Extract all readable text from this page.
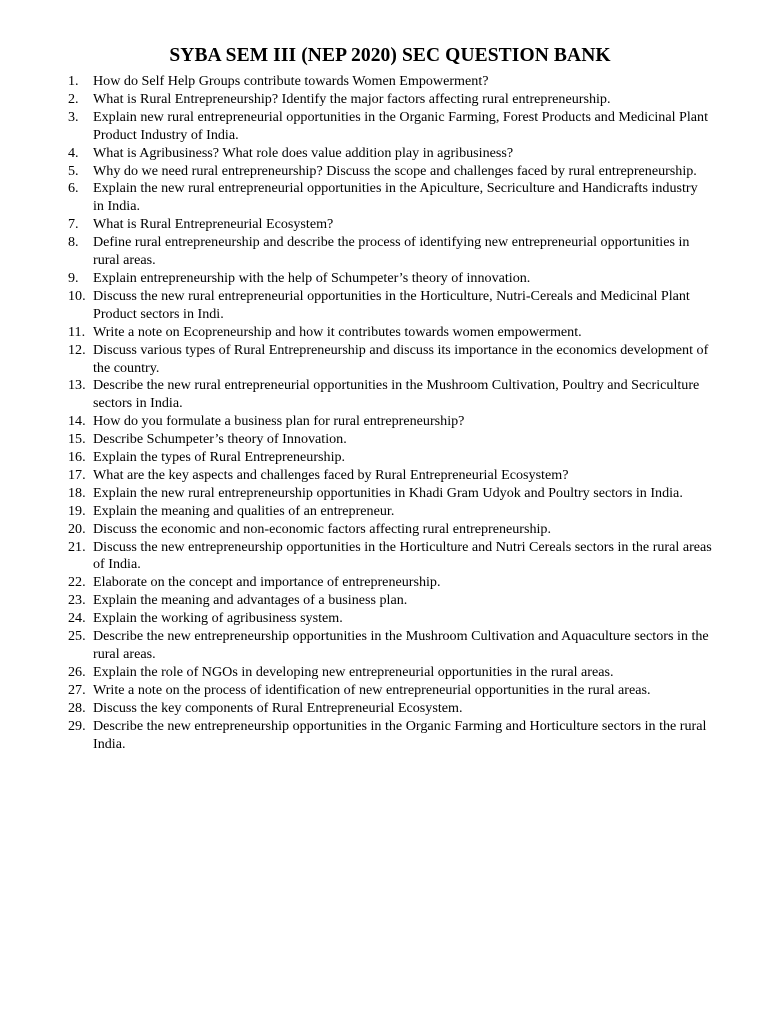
SYBA SEM III (NEP 2020) SEC QUESTION BANK
1.	How do Self Help Groups contribute towards Women Empowerment?
2.	What is Rural Entrepreneurship? Identify the major factors affecting rural entrepreneurship.
3.	Explain new rural entrepreneurial opportunities in the Organic Farming, Forest Products and Medicinal Plant Product Industry of India.
4.	What is Agribusiness? What role does value addition play in agribusiness?
5.	Why do we need rural entrepreneurship? Discuss the scope and challenges faced by rural entrepreneurship.
6.	Explain the new rural entrepreneurial opportunities in the Apiculture, Secriculture and Handicrafts industry in India.
7.	What is Rural Entrepreneurial Ecosystem?
8.	Define rural entrepreneurship and describe the process of identifying new entrepreneurial opportunities in rural areas.
9.	Explain entrepreneurship with the help of Schumpeter’s theory of innovation.
10. Discuss the new rural entrepreneurial opportunities in the Horticulture, Nutri-Cereals and Medicinal Plant Product sectors in Indi.
11. Write a note on Ecopreneurship and how it contributes towards women empowerment.
12. Discuss various types of Rural Entrepreneurship and discuss its importance in the economics development of the country.
13. Describe the new rural entrepreneurial opportunities in the Mushroom Cultivation, Poultry and Secriculture sectors in India.
14. How do you formulate a business plan for rural entrepreneurship?
15. Describe Schumpeter’s theory of Innovation.
16. Explain the types of Rural Entrepreneurship.
17. What are the key aspects and challenges faced by Rural Entrepreneurial Ecosystem?
18. Explain the new rural entrepreneurship opportunities in Khadi Gram Udyok and Poultry sectors in India.
19. Explain the meaning and qualities of an entrepreneur.
20. Discuss the economic and non-economic factors affecting rural entrepreneurship.
21. Discuss the new entrepreneurship opportunities in the Horticulture and Nutri Cereals sectors in the rural areas of India.
22. Elaborate on the concept and importance of entrepreneurship.
23. Explain the meaning and advantages of a business plan.
24. Explain the working of agribusiness system.
25. Describe the new entrepreneurship opportunities in the Mushroom Cultivation and Aquaculture sectors in the rural areas.
26. Explain the role of NGOs in developing new entrepreneurial opportunities in the rural areas.
27. Write a note on the process of identification of new entrepreneurial opportunities in the rural areas.
28. Discuss the key components of Rural Entrepreneurial Ecosystem.
29. Describe the new entrepreneurship opportunities in the Organic Farming and Horticulture sectors in the rural India.
